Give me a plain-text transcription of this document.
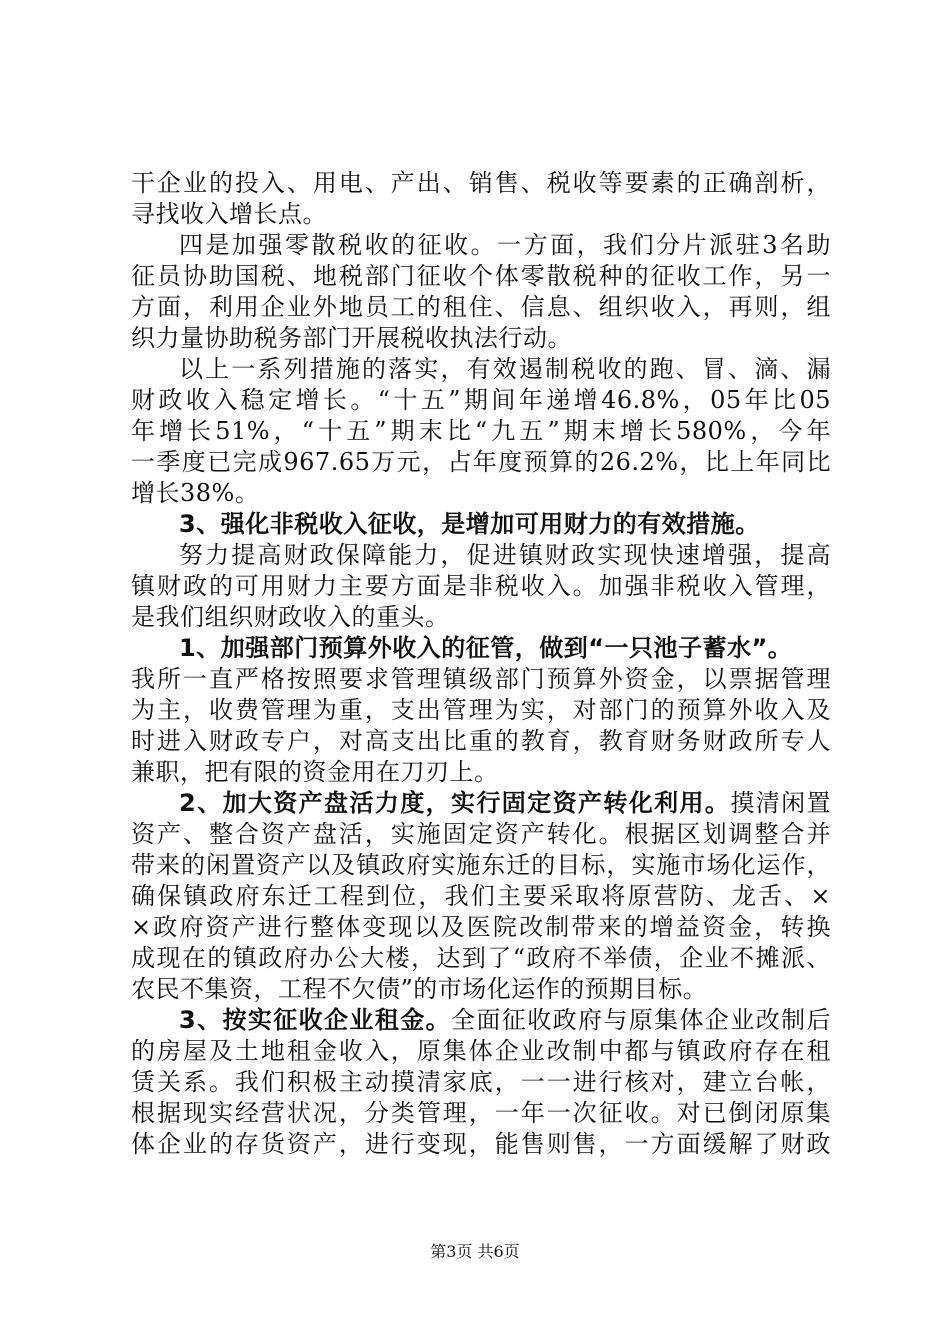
干企业的投入、用电、产出、销售、税收等要素的正确剖析，
寻找收入增长点。
四是加强零散税收的征收。一方面，我们分片派驻3名助
征员协助国税、地税部门征收个体零散税种的征收工作，另一
方面，利用企业外地员工的租住、信息、组织收入，再则，组
织力量协助税务部门开展税收执法行动。
以上一系列措施的落实，有效遏制税收的跑、冒、滴、漏
财政收入稳定增长。“十五”期间年递增46.8%，05年比05
年增长51%，“十五”期末比“九五”期末增长580%，今年
一季度已完成967.65万元，占年度预算的26.2%，比上年同比
增长38%。
3、强化非税收入征收，是增加可用财力的有效措施。
努力提高财政保障能力，促进镇财政实现快速增强，提高
镇财政的可用财力主要方面是非税收入。加强非税收入管理，
是我们组织财政收入的重头。
1、加强部门预算外收入的征管，做到“一只池子蓄水”。
我所一直严格按照要求管理镇级部门预算外资金，以票据管理
为主，收费管理为重，支出管理为实，对部门的预算外收入及
时进入财政专户，对高支出比重的教育，教育财务财政所专人
兼职，把有限的资金用在刀刃上。
2、加大资产盘活力度，实行固定资产转化利用。摸清闲置
资产、整合资产盘活，实施固定资产转化。根据区划调整合并
带来的闲置资产以及镇政府实施东迁的目标，实施市场化运作，
确保镇政府东迁工程到位，我们主要采取将原营防、龙舌、×
×政府资产进行整体变现以及医院改制带来的增益资金，转换
成现在的镇政府办公大楼，达到了“政府不举债，企业不摊派、
农民不集资，工程不欠债”的市场化运作的预期目标。
3、按实征收企业租金。全面征收政府与原集体企业改制后
的房屋及土地租金收入，原集体企业改制中都与镇政府存在租
赁关系。我们积极主动摸清家底，一一进行核对，建立台帐，
根据现实经营状况，分类管理，一年一次征收。对已倒闭原集
体企业的存货资产，进行变现，能售则售，一方面缓解了财政
第3页 共6页
